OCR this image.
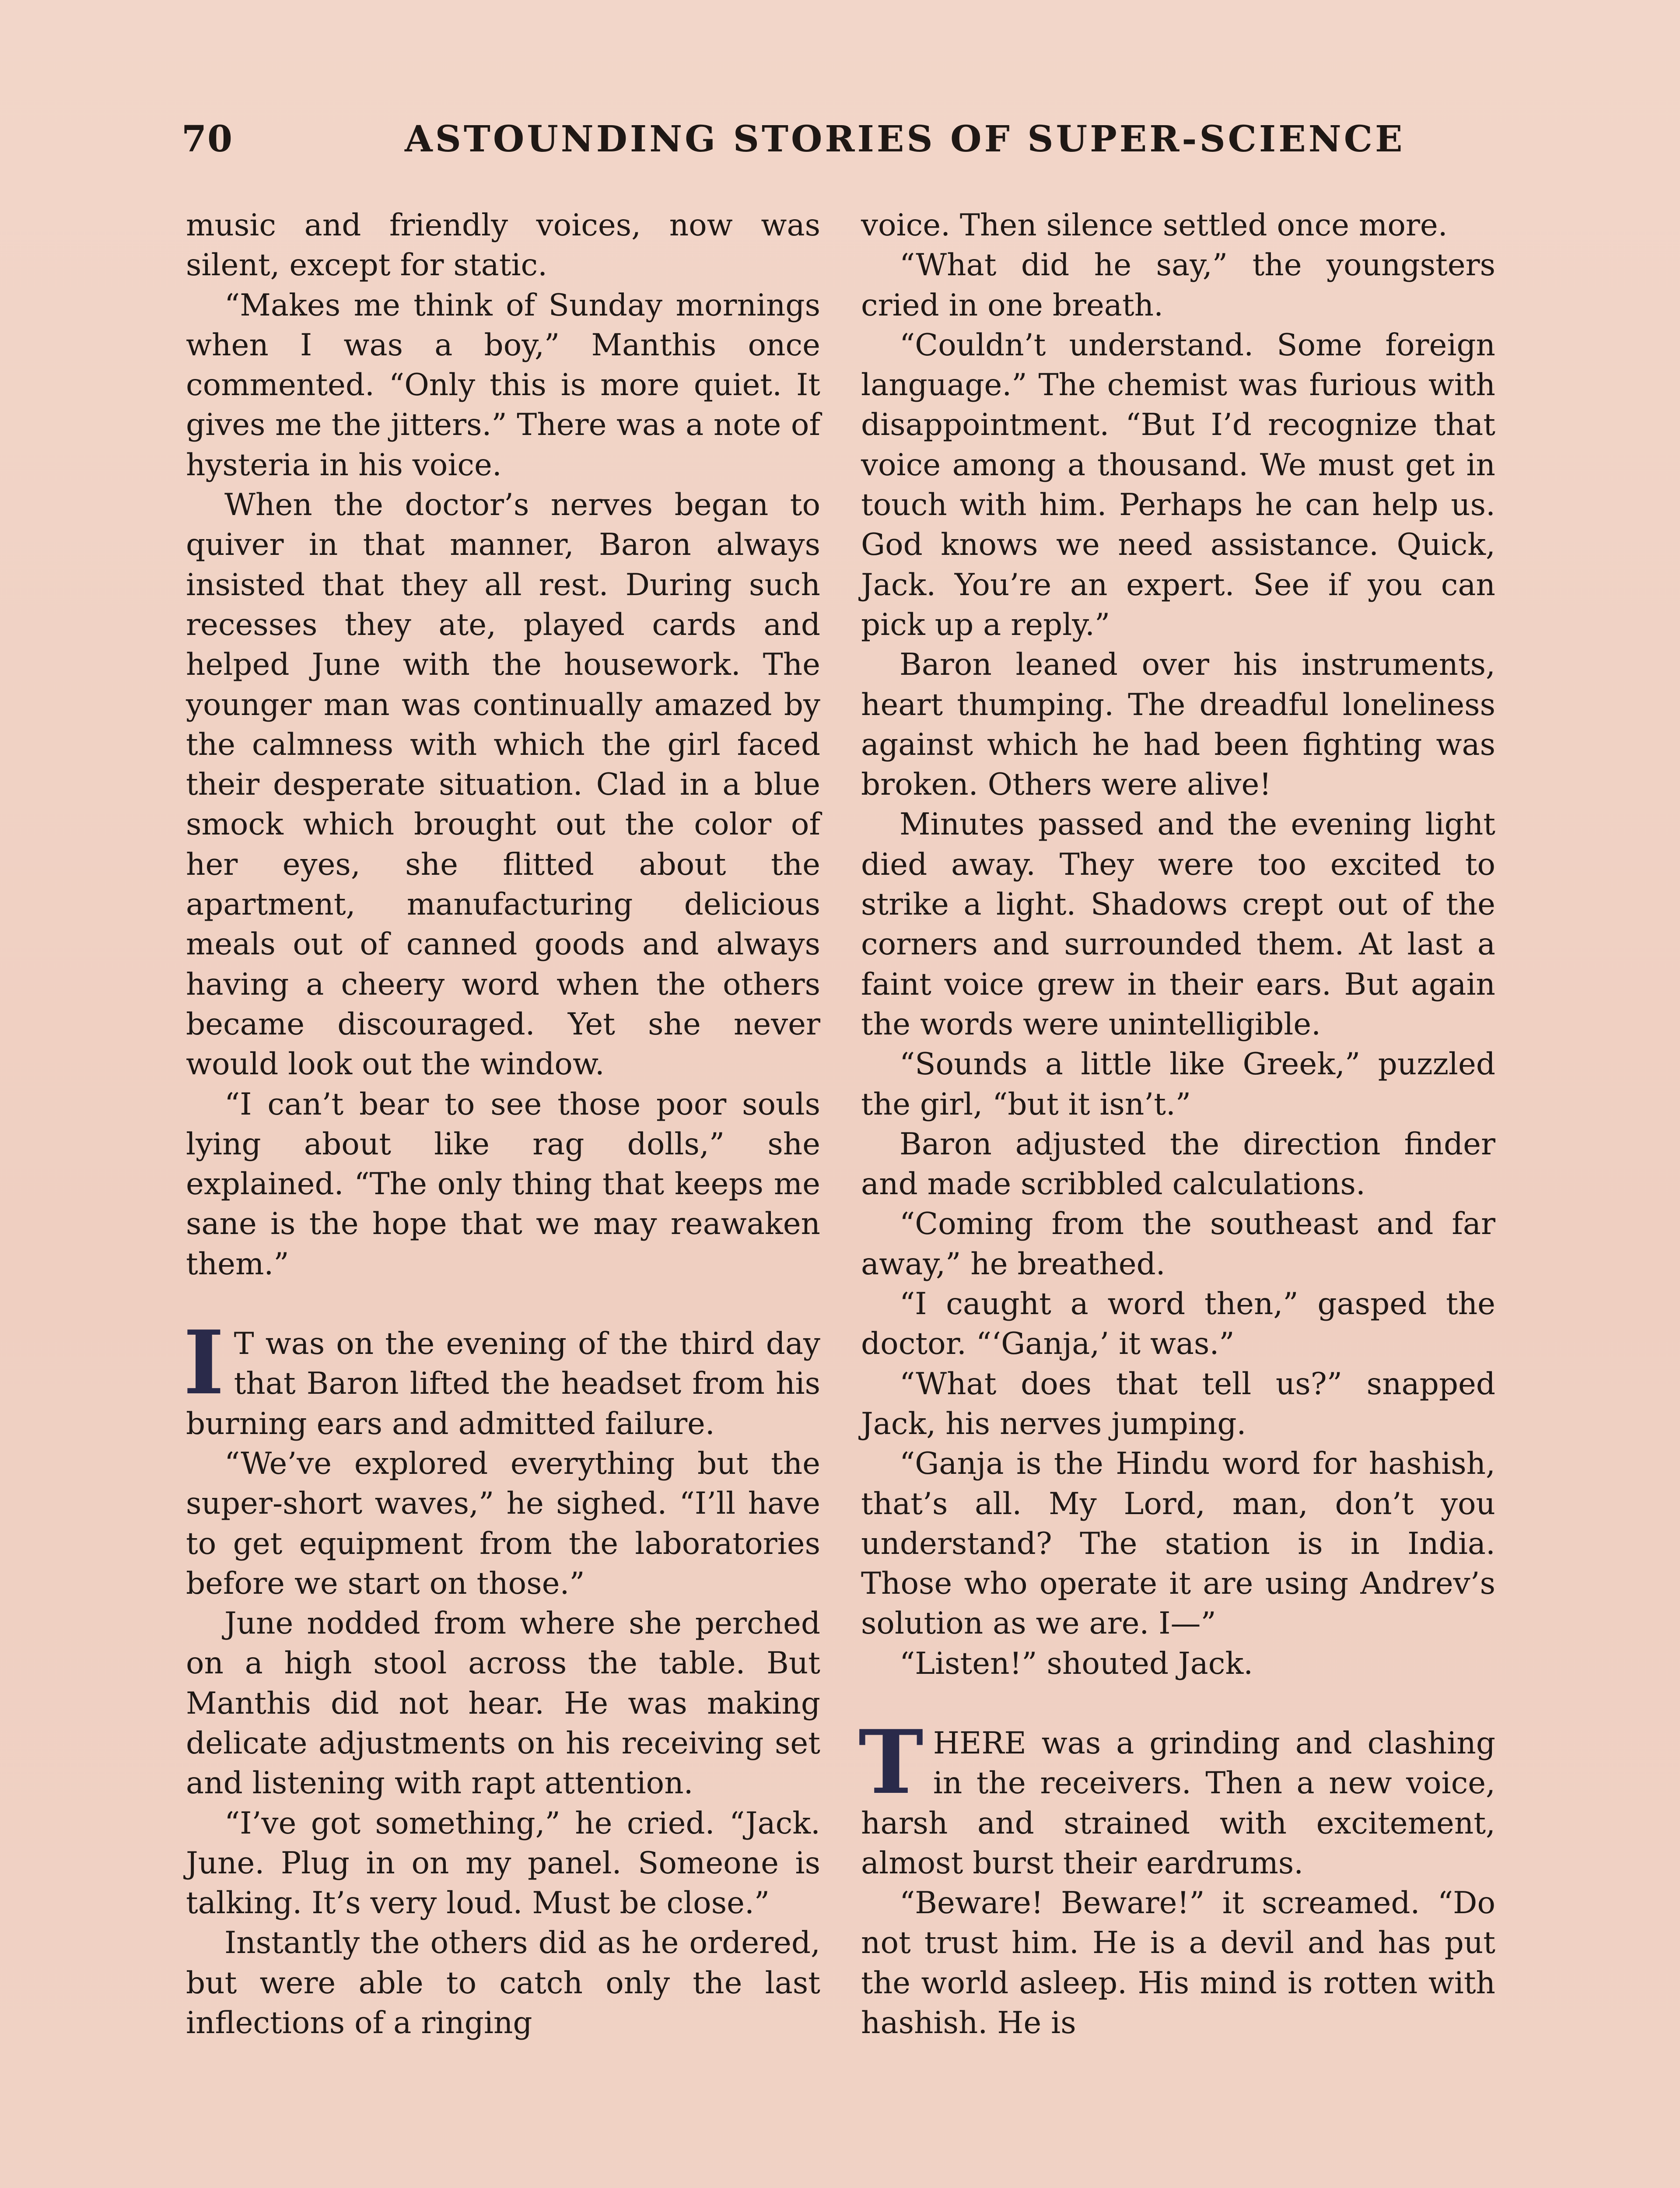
70	ASTOUNDING STORIES OF SUPER-SCIENCE

music and friendly voices, now was silent, except for static.

“Makes me think of Sunday mornings when I was a boy,” Manthis once commented. “Only this is more quiet. It gives me the jitters.” There was a note of hysteria in his voice.

When the doctor’s nerves began to quiver in that manner, Baron always insisted that they all rest. During such recesses they ate, played cards and helped June with the housework. The younger man was continually amazed by the calmness with which the girl faced their desperate situation. Clad in a blue smock which brought out the color of her eyes, she flitted about the apartment, manufacturing delicious meals out of canned goods and always having a cheery word when the others became discouraged. Yet she never would look out the window.

“I can’t bear to see those poor souls lying about like rag dolls,” she explained. “The only thing that keeps me sane is the hope that we may reawaken them.”

I T was on the evening of the third day that Baron lifted the headset from his burning ears and admitted failure.

“We’ve explored everything but the super-short waves,” he sighed. “I’ll have to get equipment from the laboratories before we start on those.”

June nodded from where she perched on a high stool across the table. But Manthis did not hear. He was making delicate adjustments on his receiving set and listening with rapt attention.

“I’ve got something,” he cried. “Jack. June. Plug in on my panel. Someone is talking. It’s very loud. Must be close.”

Instantly the others did as he ordered, but were able to catch only the last inflections of a ringing

voice. Then silence settled once more.

“What did he say,” the youngsters cried in one breath.

“Couldn’t understand. Some foreign language.” The chemist was furious with disappointment. “But I’d recognize that voice among a thousand. We must get in touch with him. Perhaps he can help us. God knows we need assistance. Quick, Jack. You’re an expert. See if you can pick up a reply.”

Baron leaned over his instruments, heart thumping. The dreadful loneliness against which he had been fighting was broken. Others were alive!

Minutes passed and the evening light died away. They were too excited to strike a light. Shadows crept out of the corners and surrounded them. At last a faint voice grew in their ears. But again the words were unintelligible.

“Sounds a little like Greek,” puzzled the girl, “but it isn’t.”

Baron adjusted the direction finder and made scribbled calculations.

“Coming from the southeast and far away,” he breathed.

“I caught a word then,” gasped the doctor. “‘Ganja,’ it was.”

“What does that tell us?” snapped Jack, his nerves jumping.

“Ganja is the Hindu word for hashish, that’s all. My Lord, man, don’t you understand? The station is in India. Those who operate it are using Andrev’s solution as we are. I—”

“Listen!” shouted Jack.

THERE was a grinding and clashing in the receivers. Then a new voice, harsh and strained with excitement, almost burst their eardrums.

“Beware! Beware!” it screamed. “Do not trust him. He is a devil and has put the world asleep. His mind is rotten with hashish. He is
